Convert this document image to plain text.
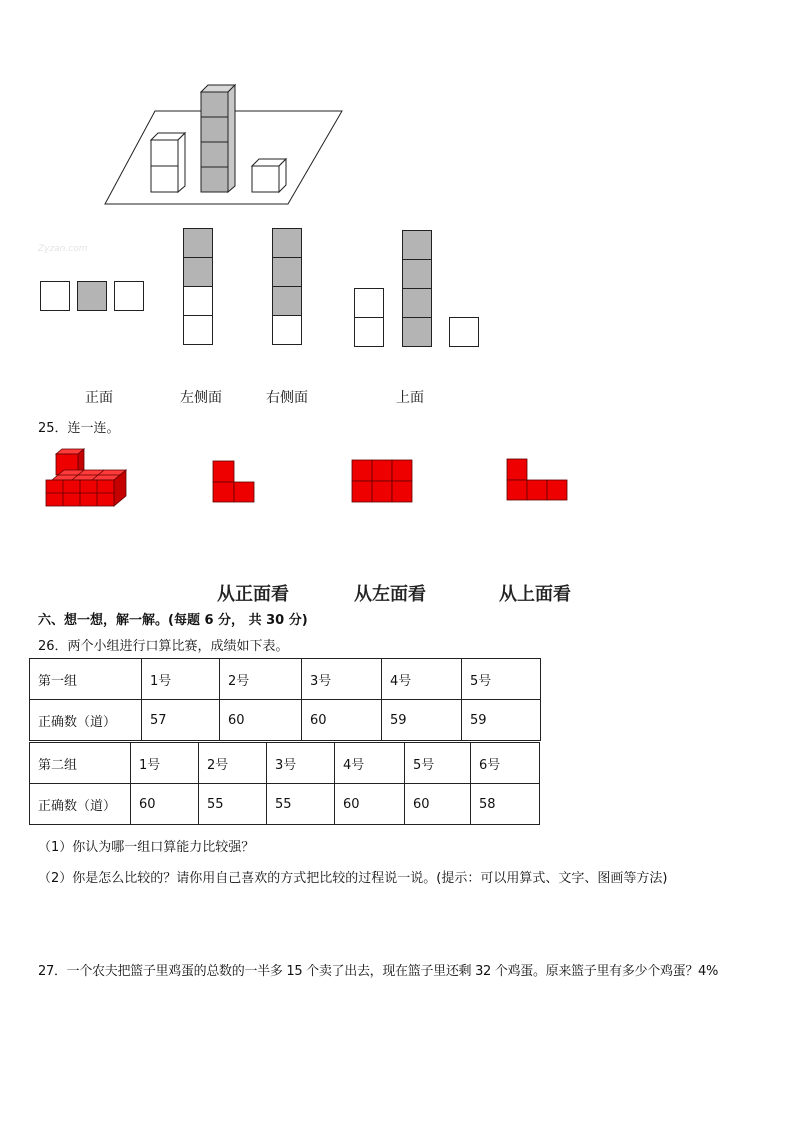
Zyzan.com
正面	左侧面	右侧面	上面
25．连一连。
从正面看	从左面看	从上面看
六、想一想，解一解。(每题 6 分， 共 30 分)
26．两个小组进行口算比赛，成绩如下表。
第一组	1号	2号	3号	4号	5号
正确数（道）	57	60	60	59	59
第二组	1号	2号	3号	4号	5号	6号
正确数（道）	60	55	55	60	60	58
（1）你认为哪一组口算能力比较强？
（2）你是怎么比较的？请你用自己喜欢的方式把比较的过程说一说。(提示：可以用算式、文字、图画等方法)
27．一个农夫把篮子里鸡蛋的总数的一半多 15 个卖了出去，现在篮子里还剩 32 个鸡蛋。原来篮子里有多少个鸡蛋？4%
